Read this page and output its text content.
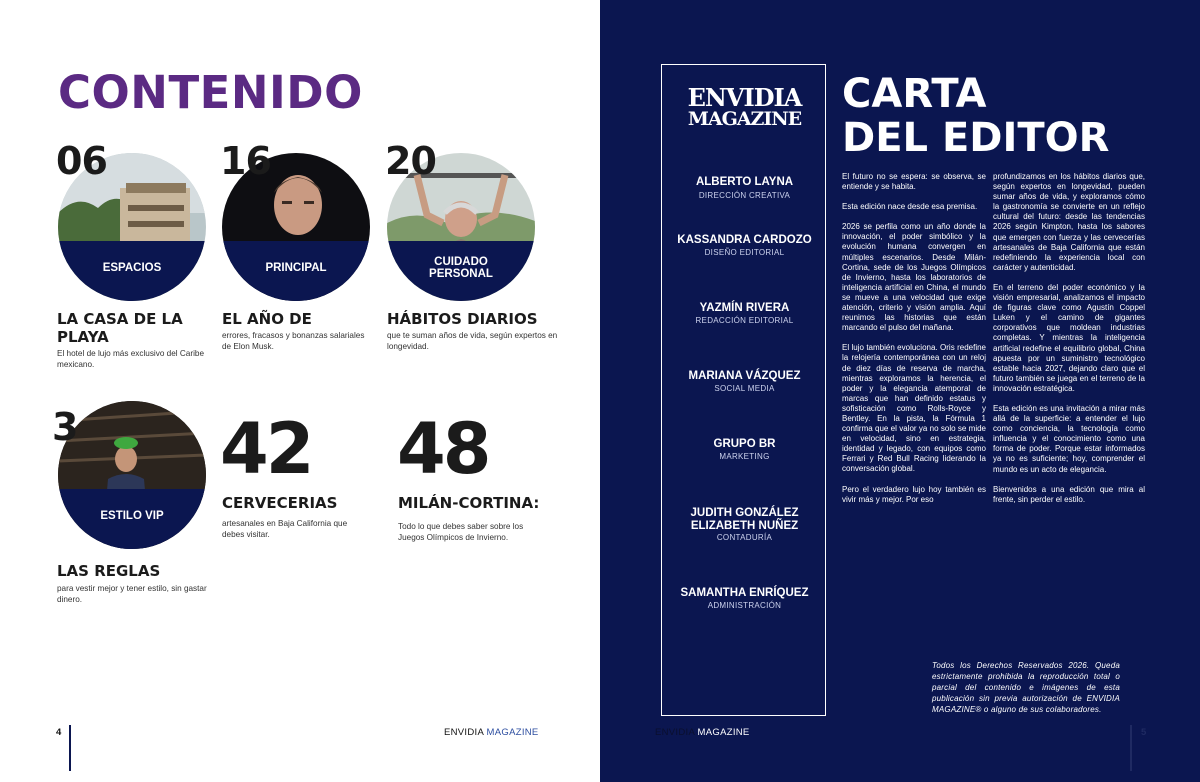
CONTENIDO
ESPACIOS
06
LA CASA DE LA PLAYA
El hotel de lujo más exclusivo del Caribe mexicano.
PRINCIPAL
16
EL AÑO DE
errores, fracasos y bonanzas salariales de Elon Musk.
CUIDADO PERSONAL
20
HÁBITOS DIARIOS
que te suman años de vida, según expertos en longevidad.
ESTILO VIP
3
LAS REGLAS
para vestir mejor y tener estilo, sin gastar dinero.
42
CERVECERIAS
artesanales en Baja California que debes visitar.
48
MILÁN-CORTINA:
Todo lo que debes saber sobre los Juegos Olímpicos de Invierno.
4	ENVIDIA MAGAZINE
ENVIDIA
MAGAZINE
ALBERTO LAYNA
DIRECCIÓN CREATIVA
KASSANDRA CARDOZO
DISEÑO EDITORIAL
YAZMÍN RIVERA
REDACCIÓN EDITORIAL
MARIANA VÁZQUEZ
SOCIAL MEDIA
GRUPO BR
MARKETING
JUDITH GONZÁLEZ
ELIZABETH NUÑEZ
CONTADURÍA
SAMANTHA ENRÍQUEZ
ADMINISTRACIÓN
CARTA
DEL EDITOR

El futuro no se espera: se observa, se entiende y se habita.

Esta edición nace desde esa premisa.

2026 se perfila como un año donde la innovación, el poder simbólico y la evolución humana convergen en múltiples escenarios. Desde Milán-Cortina, sede de los Juegos Olímpicos de Invierno, hasta los laboratorios de inteligencia artificial en China, el mundo se mueve a una velocidad que exige atención, criterio y visión amplia. Aquí reunimos las historias que están marcando el pulso del mañana.

El lujo también evoluciona. Oris redefine la relojería contemporánea con un reloj de diez días de reserva de marcha, mientras exploramos la herencia, el poder y la elegancia atemporal de marcas que han definido estatus y sofisticación como Rolls-Royce y Bentley. En la pista, la Fórmula 1 confirma que el valor ya no solo se mide en velocidad, sino en estrategia, identidad y legado, con equipos como Ferrari y Red Bull Racing liderando la conversación global.

Pero el verdadero lujo hoy también es vivir más y mejor. Por eso

profundizamos en los hábitos diarios que, según expertos en longevidad, pueden sumar años de vida, y exploramos cómo la gastronomía se convierte en un reflejo cultural del futuro: desde las tendencias 2026 según Kimpton, hasta los sabores que emergen con fuerza y las cervecerías artesanales de Baja California que están redefiniendo la experiencia local con carácter y autenticidad.

En el terreno del poder económico y la visión empresarial, analizamos el impacto de figuras clave como Agustín Coppel Luken y el camino de gigantes corporativos que moldean industrias completas. Y mientras la inteligencia artificial redefine el equilibrio global, China apuesta por un suministro tecnológico estable hacia 2027, dejando claro que el futuro también se juega en el terreno de la innovación estratégica.

Esta edición es una invitación a mirar más allá de la superficie: a entender el lujo como conciencia, la tecnología como influencia y el conocimiento como una forma de poder. Porque estar informados ya no es suficiente; hoy, comprender el mundo es un acto de elegancia.

Bienvenidos a una edición que mira al frente, sin perder el estilo.

Todos los Derechos Reservados 2026. Queda estrictamente prohibida la reproducción total o parcial del contenido e imágenes de esta publicación sin previa autorización de ENVIDIA MAGAZINE® o alguno de sus colaboradores.
ENVIDIA MAGAZINE	5
